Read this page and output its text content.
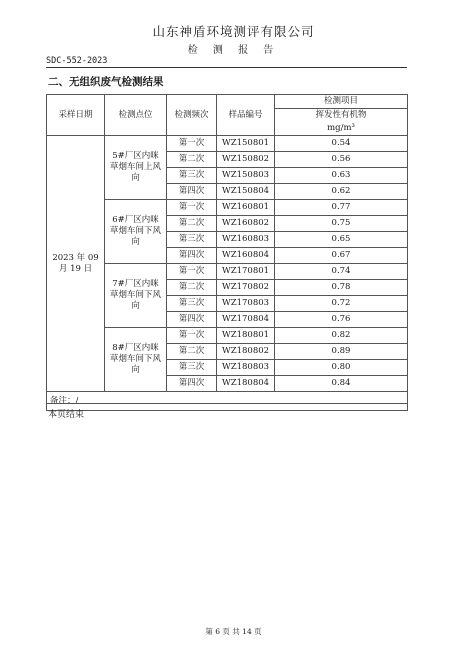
山东神盾环境测评有限公司
检 测 报 告
SDC-552-2023
二、无组织废气检测结果
采样日期	检测点位	检测频次	样品编号	检测项目
				挥发性有机物
				mg/m³
2023 年 09 月 19 日	5#厂区内咪草烟车间上风向	第一次	WZ150801	0.54
		第二次	WZ150802	0.56
		第三次	WZ150803	0.63
		第四次	WZ150804	0.62
	6#厂区内咪草烟车间下风向	第一次	WZ160801	0.77
		第二次	WZ160802	0.75
		第三次	WZ160803	0.65
		第四次	WZ160804	0.67
	7#厂区内咪草烟车间下风向	第一次	WZ170801	0.74
		第二次	WZ170802	0.78
		第三次	WZ170803	0.72
		第四次	WZ170804	0.76
	8#厂区内咪草烟车间下风向	第一次	WZ180801	0.82
		第二次	WZ180802	0.89
		第三次	WZ180803	0.80
		第四次	WZ180804	0.84
备注：/				
本页结束
第 6 页 共 14 页
